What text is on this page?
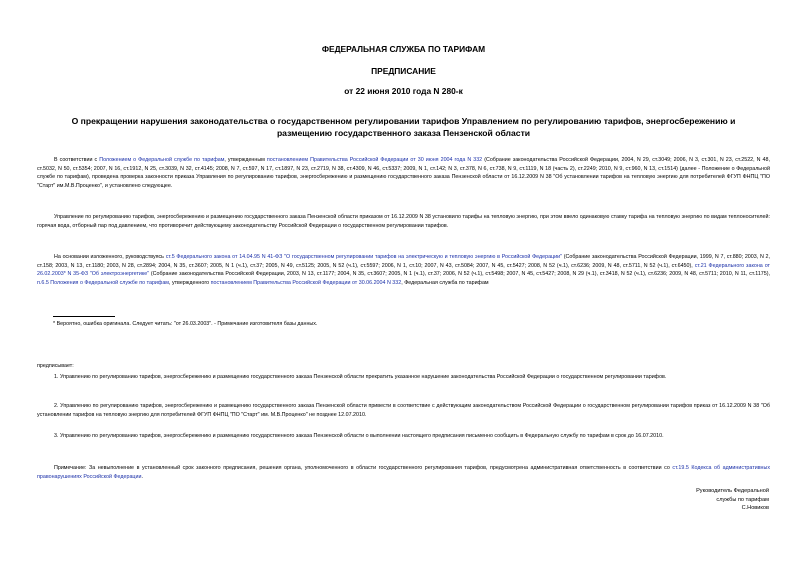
ФЕДЕРАЛЬНАЯ СЛУЖБА ПО ТАРИФАМ
ПРЕДПИСАНИЕ
от 22 июня 2010 года N 280-к
О прекращении нарушения законодательства о государственном регулировании тарифов Управлением по регулированию тарифов, энергосбережению и
размещению государственного заказа Пензенской области
В соответствии с Положением о Федеральной службе по тарифам, утвержденным постановлением Правительства Российской Федерации от 30 июня 2004 года N 332 (Собрание законодательства Российской Федерации, 2004, N 29, ст.3049; 2006, N 3, ст.301, N 23, ст.2522, N 48, ст.5032, N 50, ст.5354; 2007, N 16, ст.1912, N 25, ст.3039, N 32, ст.4145; 2008, N 7, ст.597, N 17, ст.1897, N 23, ст.2719, N 38, ст.4309, N 46, ст.5337; 2009, N 1, ст.142; N 3, ст.378, N 6, ст.738, N 9, ст.1119, N 18 (часть 2), ст.2249; 2010, N 9, ст.960, N 13, ст.1514) (далее - Положение о Федеральной службе по тарифам), проведена проверка законности приказа Управления по регулированию тарифов, энергосбережению и размещению государственного заказа Пензенской области от 16.12.2009 N 38 "Об установлении тарифов на тепловую энергию для потребителей ФГУП ФНПЦ "ПО "Старт" им.М.В.Проценко", и установлено следующее.
Управление по регулированию тарифов, энергосбережению и размещению государственного заказа Пензенской области приказом от 16.12.2009 N 38 установило тарифы на тепловую энергию, при этом ввело одинаковую ставку тарифа на тепловую энергию по видам теплоносителей: горячая вода, отборный пар под давлением, что противоречит действующему законодательству Российской Федерации о государственном регулировании тарифов.
На основании изложенного, руководствуясь ст.5 Федерального закона от 14.04.95 N 41-ФЗ "О государственном регулировании тарифов на электрическую и тепловую энергию в Российской Федерации" (Собрание законодательства Российской Федерации, 1999, N 7, ст.880; 2003, N 2, ст.158; 2003, N 13, ст.1180; 2003, N 28, ст.2894; 2004, N 35, ст.3607; 2005, N 1 (ч.1), ст.37; 2005, N 49, ст.5125; 2005, N 52 (ч.1), ст.5597; 2006, N 1, ст.10; 2007, N 43, ст.5084; 2007, N 45, ст.5427; 2008, N 52 (ч.1), ст.6236; 2009, N 48, ст.5711, N 52 (ч.1), ст.6450), ст.21 Федерального закона от 26.02.2003* N 35-ФЗ "Об электроэнергетике" (Собрание законодательства Российской Федерации, 2003, N 13, ст.1177; 2004, N 35, ст.3607; 2005, N 1 (ч.1), ст.37; 2006, N 52 (ч.1), ст.5498; 2007, N 45, ст.5427; 2008, N 29 (ч.1), ст.3418, N 52 (ч.1), ст.6236; 2009, N 48, ст.5711; 2010, N 11, ст.1175), п.6.5 Положения о Федеральной службе по тарифам, утвержденного постановлением Правительства Российской Федерации от 30.06.2004 N 332, Федеральная служба по тарифам
* Вероятно, ошибка оригинала. Следует читать: "от 26.03.2003". - Примечание изготовителя базы данных.
предписывает:
1. Управлению по регулированию тарифов, энергосбережению и размещению государственного заказа Пензенской области прекратить указанное нарушение законодательства Российской Федерации о государственном регулировании тарифов.
2. Управлению по регулированию тарифов, энергосбережению и размещению государственного заказа Пензенской области привести в соответствие с действующим законодательством Российской Федерации о государственном регулировании тарифов приказ от 16.12.2009 N 38 "Об установлении тарифов на тепловую энергию для потребителей ФГУП ФНПЦ "ПО "Старт" им. М.В.Проценко" не позднее 12.07.2010.
3. Управлению по регулированию тарифов, энергосбережению и размещению государственного заказа Пензенской области о выполнении настоящего предписания письменно сообщить в Федеральную службу по тарифам в срок до 16.07.2010.
Примечание: За невыполнение в установленный срок законного предписания, решения органа, уполномоченного в области государственного регулирования тарифов, предусмотрена административная ответственность в соответствии со ст.19.5 Кодекса об административных правонарушениях Российской Федерации.
Руководитель Федеральной
службы по тарифам
С.Новиков
